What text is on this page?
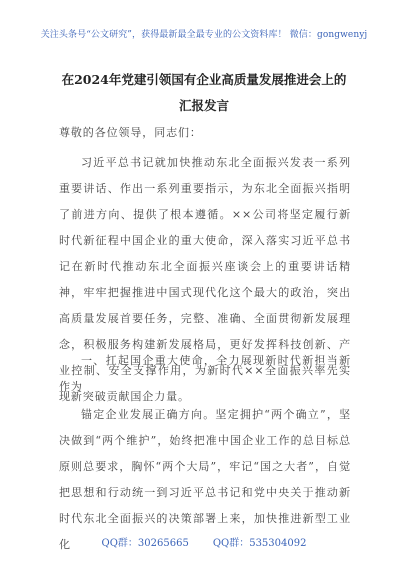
关注头条号“公文研究”，获得最新最全最专业的公文资料库！ 微信：gongwenyj
在2024年党建引领国有企业高质量发展推进会上的汇报发言
尊敬的各位领导，同志们：
习近平总书记就加快推动东北全面振兴发表一系列重要讲话、作出一系列重要指示，为东北全面振兴指明了前进方向、提供了根本遵循。××公司将坚定履行新时代新征程中国企业的重大使命，深入落实习近平总书记在新时代推动东北全面振兴座谈会上的重要讲话精神，牢牢把握推进中国式现代化这个最大的政治，突出高质量发展首要任务，完整、准确、全面贯彻新发展理念，积极服务构建新发展格局，更好发挥科技创新、产业控制、安全支撑作用，为新时代××全面振兴率先实现新突破贡献国企力量。
一、扛起国企重大使命，全力展现新时代新担当新作为
锚定企业发展正确方向。坚定拥护“两个确立”，坚决做到“两个维护”，始终把准中国企业工作的总目标总原则总要求，胸怀“两个大局”，牢记“国之大者”，自觉把思想和行动统一到习近平总书记和党中央关于推动新时代东北全面振兴的决策部署上来，加快推进新型工业化	QQ群：30265665 QQ群：535304092
